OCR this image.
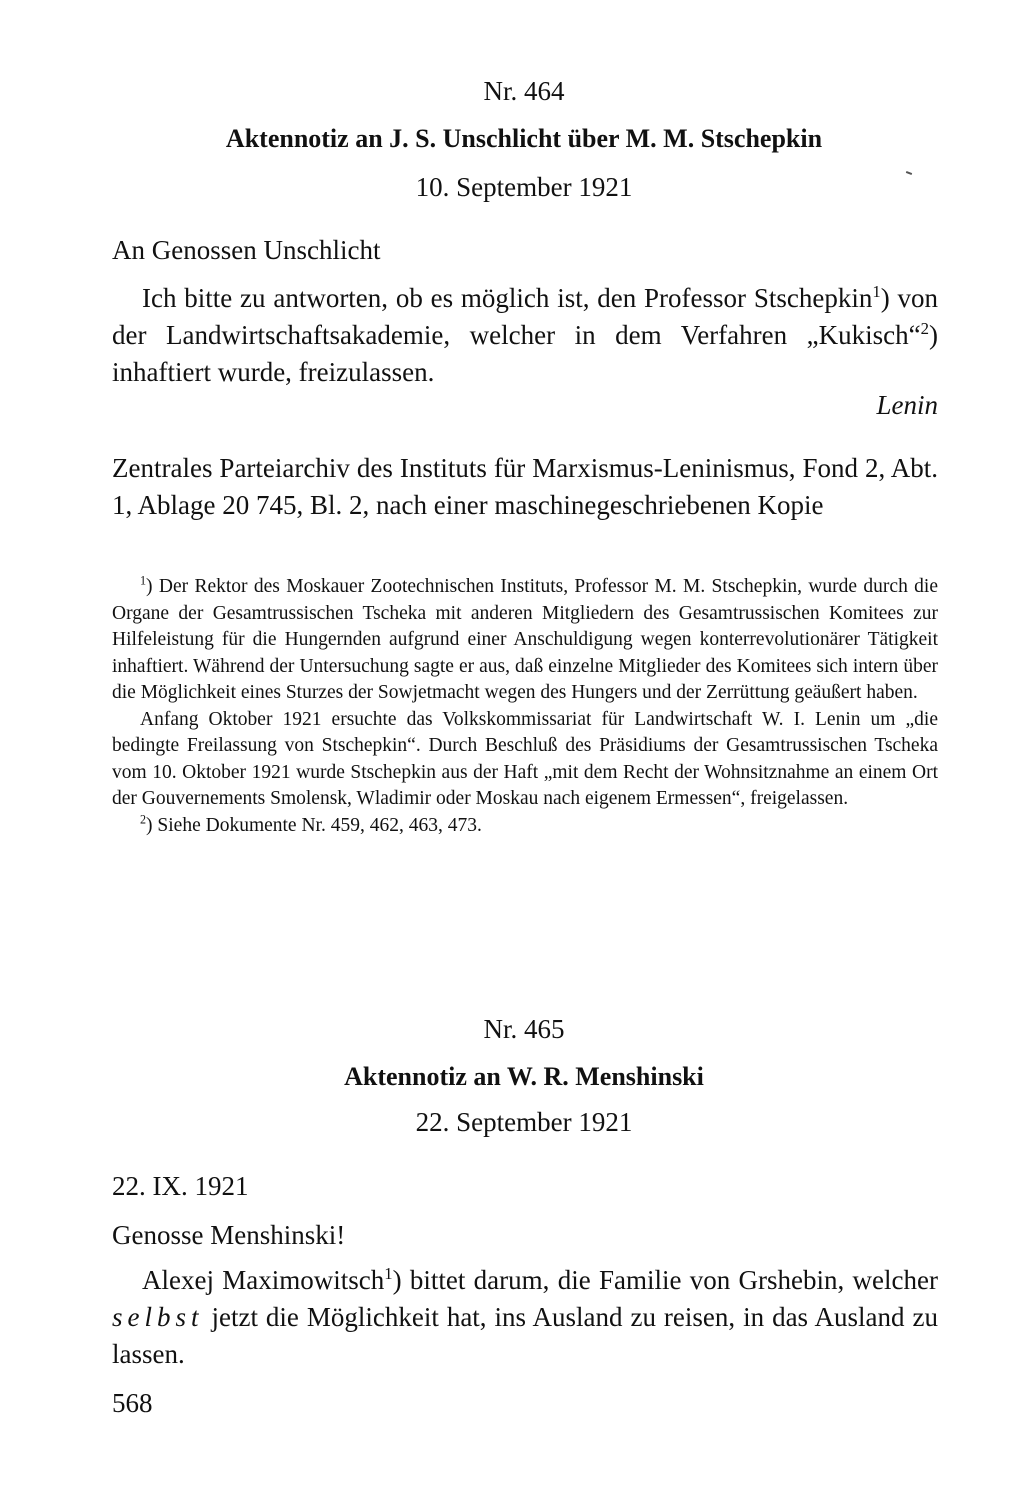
Nr. 464
Aktennotiz an J. S. Unschlicht über M. M. Stschepkin
10. September 1921
An Genossen Unschlicht

Ich bitte zu antworten, ob es möglich ist, den Professor Stschepkin$^1$) von der Landwirtschaftsakademie, welcher in dem Verfahren „Kukisch“$^2$) inhaftiert wurde, freizulassen.

Lenin

Zentrales Parteiarchiv des Instituts für Marxismus-Leninismus, Fond 2, Abt. 1, Ablage 20 745, Bl. 2, nach einer maschinegeschriebenen Kopie

$^1$) Der Rektor des Moskauer Zootechnischen Instituts, Professor M. M. Stschepkin, wurde durch die Organe der Gesamtrussischen Tscheka mit anderen Mitgliedern des Gesamtrussischen Komitees zur Hilfeleistung für die Hungernden aufgrund einer Anschuldigung wegen konterrevolutionärer Tätigkeit inhaftiert. Während der Untersuchung sagte er aus, daß einzelne Mitglieder des Komitees sich intern über die Möglichkeit eines Sturzes der Sowjetmacht wegen des Hungers und der Zerrüttung geäußert haben.

Anfang Oktober 1921 ersuchte das Volkskommissariat für Landwirtschaft W. I. Lenin um „die bedingte Freilassung von Stschepkin“. Durch Beschluß des Präsidiums der Gesamtrussischen Tscheka vom 10. Oktober 1921 wurde Stschepkin aus der Haft „mit dem Recht der Wohnsitznahme an einem Ort der Gouvernements Smolensk, Wladimir oder Moskau nach eigenem Ermessen“, freigelassen.

$^2$) Siehe Dokumente Nr. 459, 462, 463, 473.

Nr. 465
Aktennotiz an W. R. Menshinski
22. September 1921
22. IX. 1921
Genosse Menshinski!

Alexej Maximowitsch$^1$) bittet darum, die Familie von Grshebin, welcher selbst jetzt die Möglichkeit hat, ins Ausland zu reisen, in das Ausland zu lassen.

568
